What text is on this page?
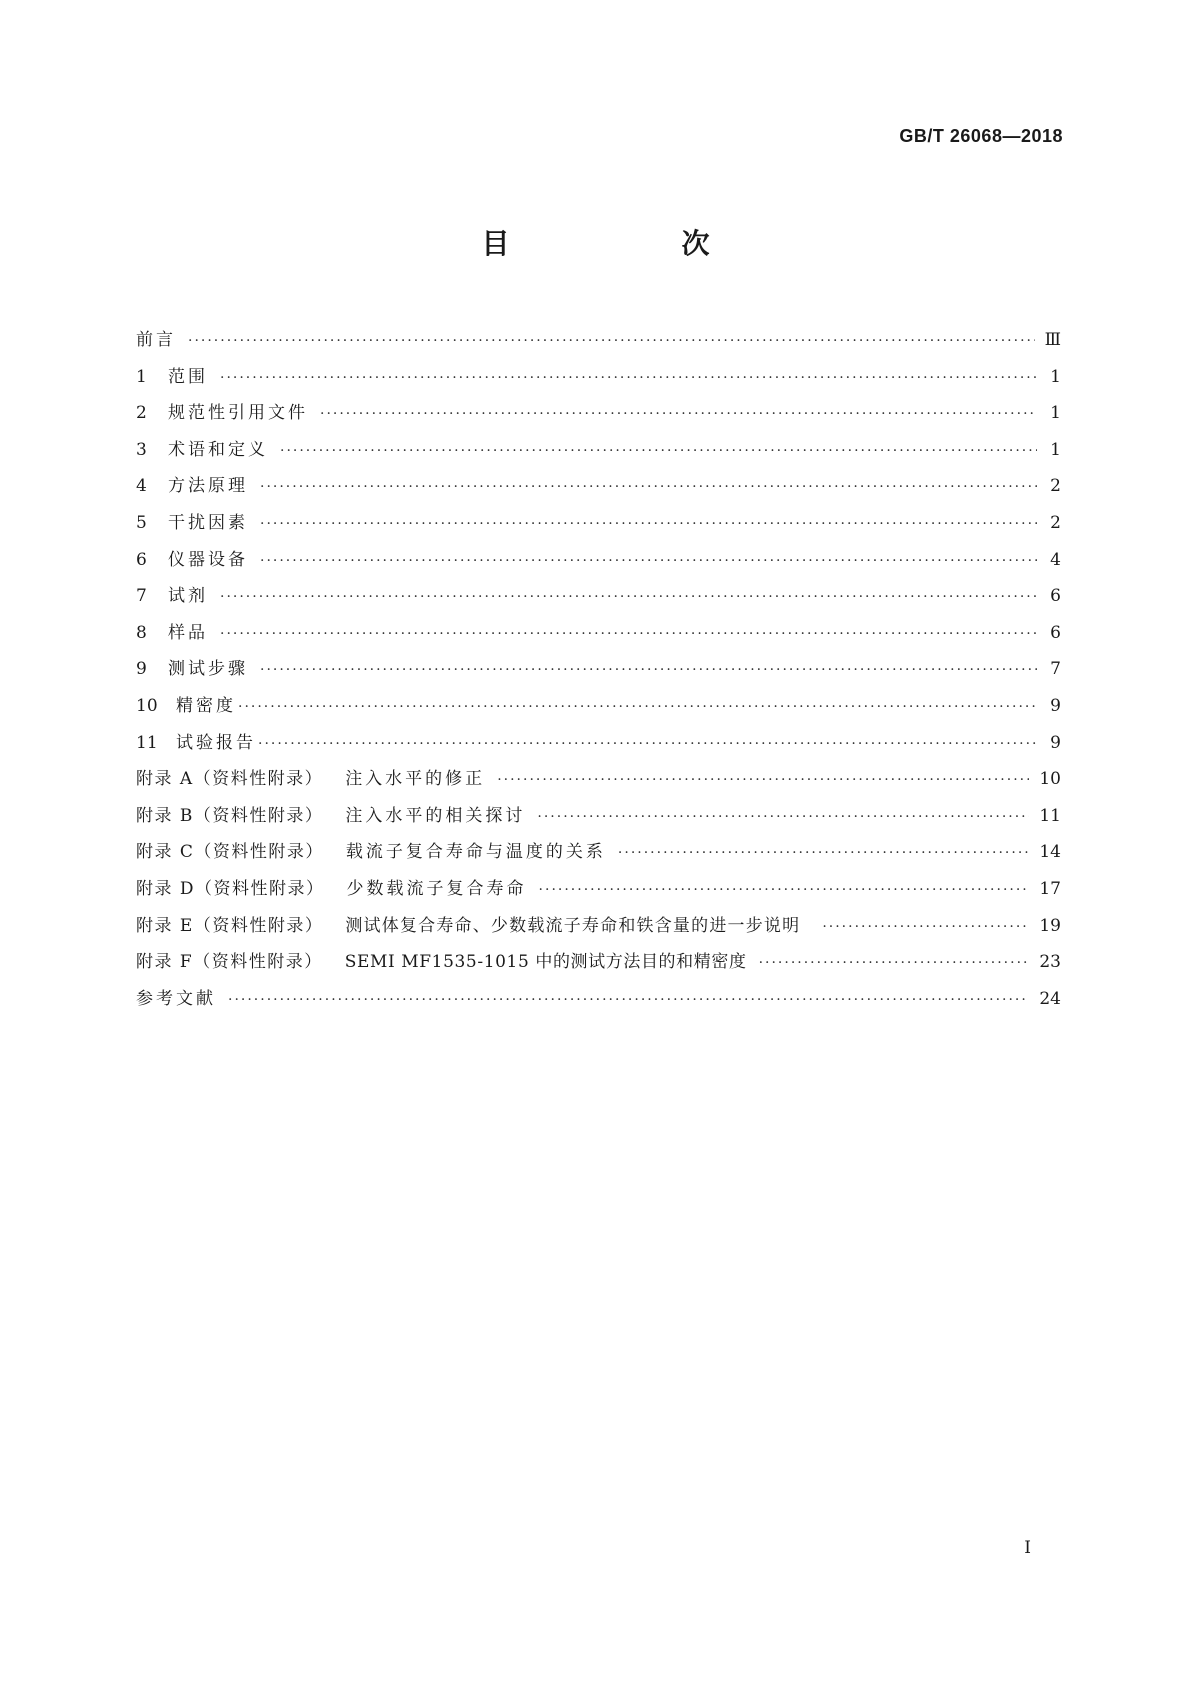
GB/T 26068—2018
目　次
前言 ·····	Ⅲ
1	范围 ·····	1
2	规范性引用文件 ·····	1
3	术语和定义 ·····	1
4	方法原理 ·····	2
5	干扰因素 ·····	2
6	仪器设备 ·····	4
7	试剂 ·····	6
8	样品 ·····	6
9	测试步骤 ·····	7
10	精密度 ·····	9
11	试验报告 ·····	9
附录 A（资料性附录） 注入水平的修正 ·····	10
附录 B（资料性附录） 注入水平的相关探讨 ·····	11
附录 C（资料性附录） 载流子复合寿命与温度的关系 ·····	14
附录 D（资料性附录） 少数载流子复合寿命 ·····	17
附录 E（资料性附录） 测试体复合寿命、少数载流子寿命和铁含量的进一步说明 ·····	19
附录 F（资料性附录） SEMI MF1535-1015 中的测试方法目的和精密度 ·····	23
参考文献 ·····	24
I
